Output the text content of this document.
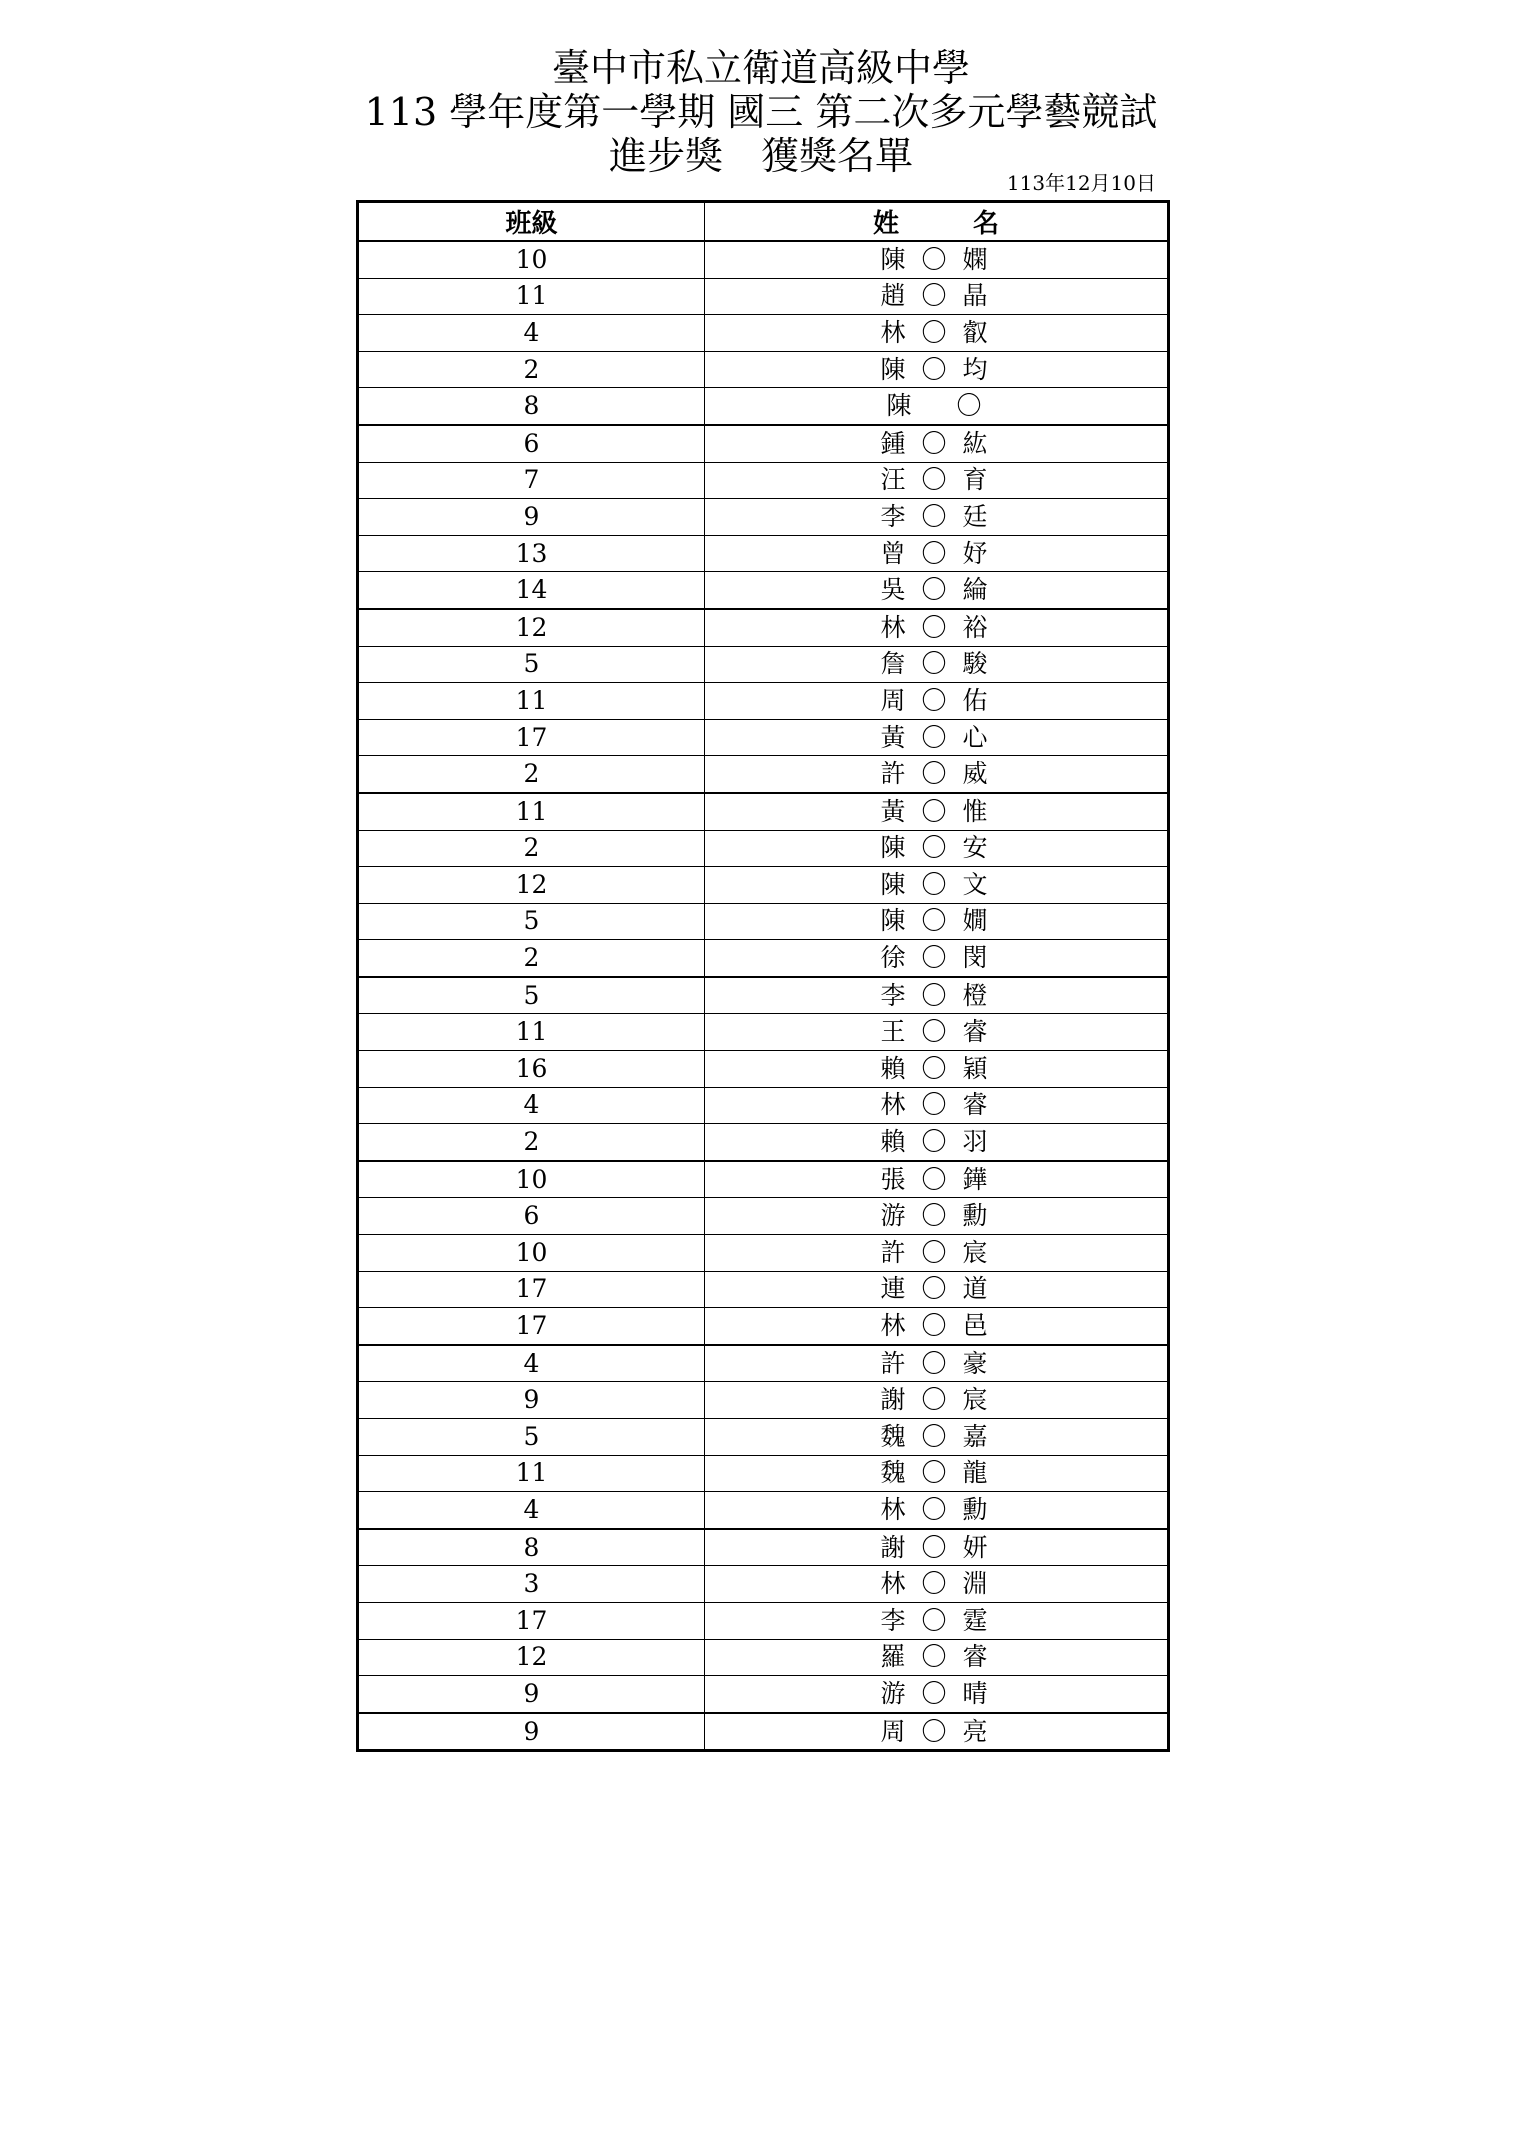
臺中市私立衛道高級中學

113 學年度第一學期 國三 第二次多元學藝競試

進步獎　獲獎名單

113年12月10日
班級	姓 名
10	陳 〇 嫻
11	趙 〇 晶
4	林 〇 叡
2	陳 〇 均
8	陳　 〇
6	鍾 〇 紘
7	汪 〇 育
9	李 〇 廷
13	曾 〇 妤
14	吳 〇 綸
12	林 〇 裕
5	詹 〇 駿
11	周 〇 佑
17	黃 〇 心
2	許 〇 威
11	黃 〇 惟
2	陳 〇 安
12	陳 〇 文
5	陳 〇 嫺
2	徐 〇 閔
5	李 〇 橙
11	王 〇 睿
16	賴 〇 穎
4	林 〇 睿
2	賴 〇 羽
10	張 〇 鏵
6	游 〇 勳
10	許 〇 宸
17	連 〇 道
17	林 〇 邑
4	許 〇 豪
9	謝 〇 宸
5	魏 〇 嘉
11	魏 〇 龍
4	林 〇 勳
8	謝 〇 妍
3	林 〇 淵
17	李 〇 霆
12	羅 〇 睿
9	游 〇 晴
9	周 〇 亮
